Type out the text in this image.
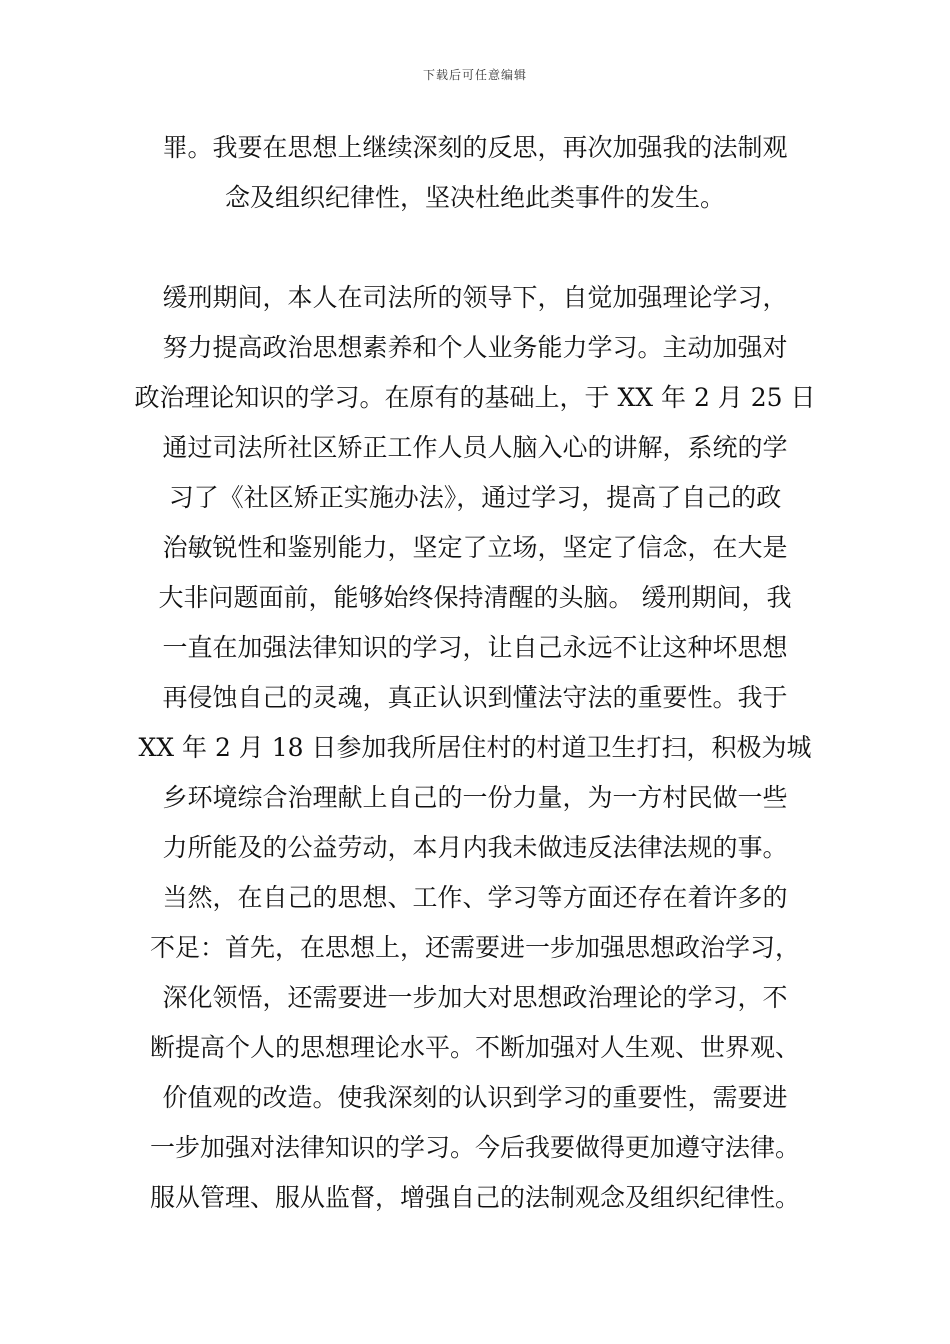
下载后可任意编辑
罪。我要在思想上继续深刻的反思，再次加强我的法制观
念及组织纪律性，坚决杜绝此类事件的发生。
缓刑期间，本人在司法所的领导下，自觉加强理论学习，
努力提高政治思想素养和个人业务能力学习。主动加强对
政治理论知识的学习。在原有的基础上，于 XX 年 2 月 25 日
通过司法所社区矫正工作人员人脑入心的讲解，系统的学
习了《社区矫正实施办法》，通过学习，提高了自己的政
治敏锐性和鉴别能力，坚定了立场，坚定了信念，在大是
大非问题面前，能够始终保持清醒的头脑。 缓刑期间，我
一直在加强法律知识的学习，让自己永远不让这种坏思想
再侵蚀自己的灵魂，真正认识到懂法守法的重要性。我于
XX 年 2 月 18 日参加我所居住村的村道卫生打扫，积极为城
乡环境综合治理献上自己的一份力量，为一方村民做一些
力所能及的公益劳动，本月内我未做违反法律法规的事。
当然，在自己的思想、工作、学习等方面还存在着许多的
不足：首先，在思想上，还需要进一步加强思想政治学习，
深化领悟，还需要进一步加大对思想政治理论的学习，不
断提高个人的思想理论水平。不断加强对人生观、世界观、
价值观的改造。使我深刻的认识到学习的重要性，需要进
一步加强对法律知识的学习。今后我要做得更加遵守法律。
服从管理、服从监督，增强自己的法制观念及组织纪律性。
